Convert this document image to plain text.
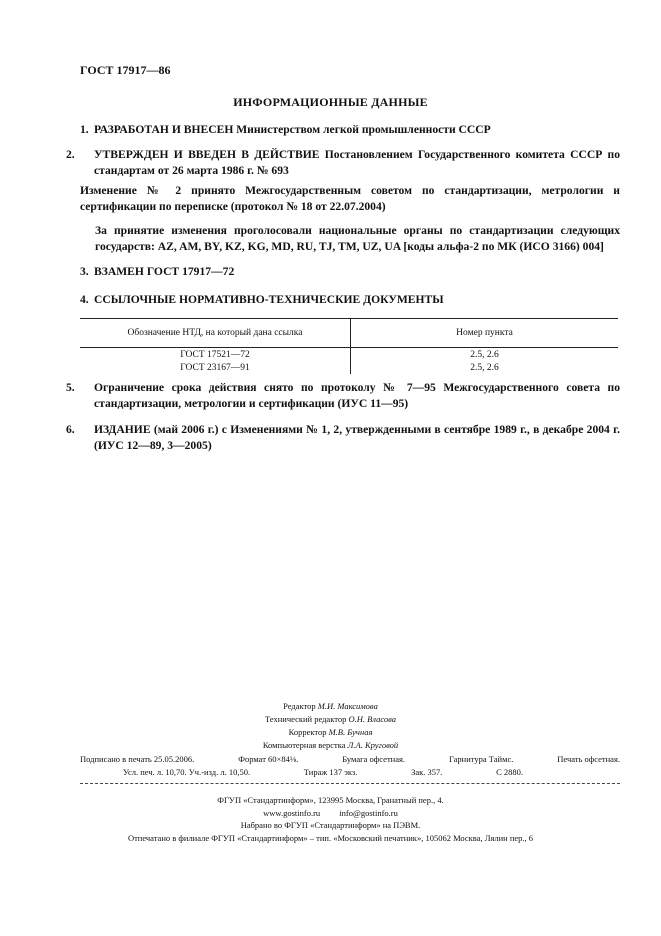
ГОСТ 17917—86
ИНФОРМАЦИОННЫЕ ДАННЫЕ
1. РАЗРАБОТАН И ВНЕСЕН Министерством легкой промышленности СССР
2. УТВЕРЖДЕН И ВВЕДЕН В ДЕЙСТВИЕ Постановлением Государственного комитета СССР по стандартам от 26 марта 1986 г. № 693
Изменение № 2 принято Межгосударственным советом по стандартизации, метрологии и сертификации по переписке (протокол № 18 от 22.07.2004)
За принятие изменения проголосовали национальные органы по стандартизации следующих государств: AZ, AM, BY, KZ, KG, MD, RU, TJ, TM, UZ, UA [коды альфа-2 по МК (ИСО 3166) 004]
3. ВЗАМЕН ГОСТ 17917—72
4. ССЫЛОЧНЫЕ НОРМАТИВНО-ТЕХНИЧЕСКИЕ ДОКУМЕНТЫ
Обозначение НТД, на который дана ссылка	Номер пункта
ГОСТ 17521—72	2.5, 2.6
ГОСТ 23167—91	2.5, 2.6
5. Ограничение срока действия снято по протоколу № 7—95 Межгосударственного совета по стандартизации, метрологии и сертификации (ИУС 11—95)
6. ИЗДАНИЕ (май 2006 г.) с Изменениями № 1, 2, утвержденными в сентябре 1989 г., в декабре 2004 г. (ИУС 12—89, 3—2005)
Редактор М.И. Максимова
Технический редактор О.Н. Власова
Корректор М.В. Бучная
Компьютерная верстка Л.А. Круговой
Подписано в печать 25.05.2006.	Формат 60×84⅛.	Бумага офсетная.	Гарнитура Таймс.	Печать офсетная.
Усл. печ. л. 10,70. Уч.-изд. л. 10,50.	Тираж 137 экз.	Зак. 357.	С 2880.
ФГУП «Стандартинформ», 123995 Москва, Гранатный пер., 4.
www.gostinfo.ru info@gostinfo.ru
Набрано во ФГУП «Стандартинформ» на ПЭВМ.
Отпечатано в филиале ФГУП «Стандартинформ» – тип. «Московский печатник», 105062 Москва, Лялин пер., 6
